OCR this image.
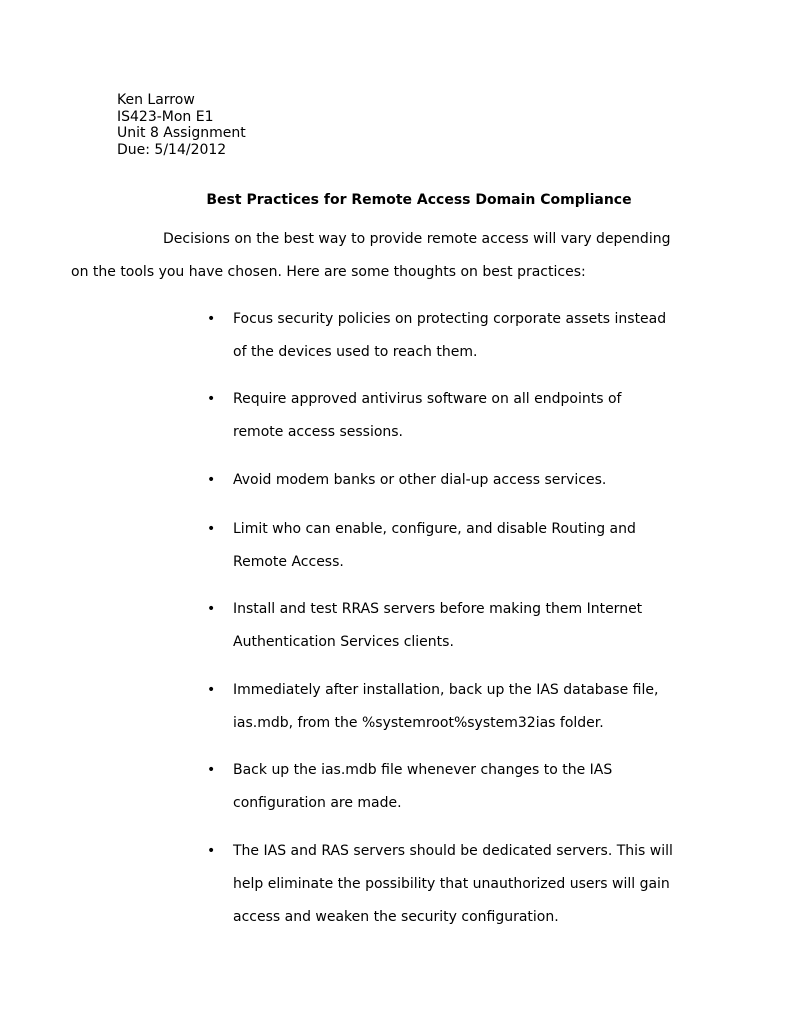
Ken Larrow
IS423-Mon E1
Unit 8 Assignment
Due: 5/14/2012
Best Practices for Remote Access Domain Compliance

Decisions on the best way to provide remote access will vary depending
on the tools you have chosen. Here are some thoughts on best practices:

•	Focus security policies on protecting corporate assets instead
of the devices used to reach them.
•	Require approved antivirus software on all endpoints of
remote access sessions.
•	Avoid modem banks or other dial-up access services.
•	Limit who can enable, configure, and disable Routing and
Remote Access.
•	Install and test RRAS servers before making them Internet
Authentication Services clients.
•	Immediately after installation, back up the IAS database file,
ias.mdb, from the %systemroot%system32ias folder.
•	Back up the ias.mdb file whenever changes to the IAS
configuration are made.
•	The IAS and RAS servers should be dedicated servers. This will
help eliminate the possibility that unauthorized users will gain
access and weaken the security configuration.
